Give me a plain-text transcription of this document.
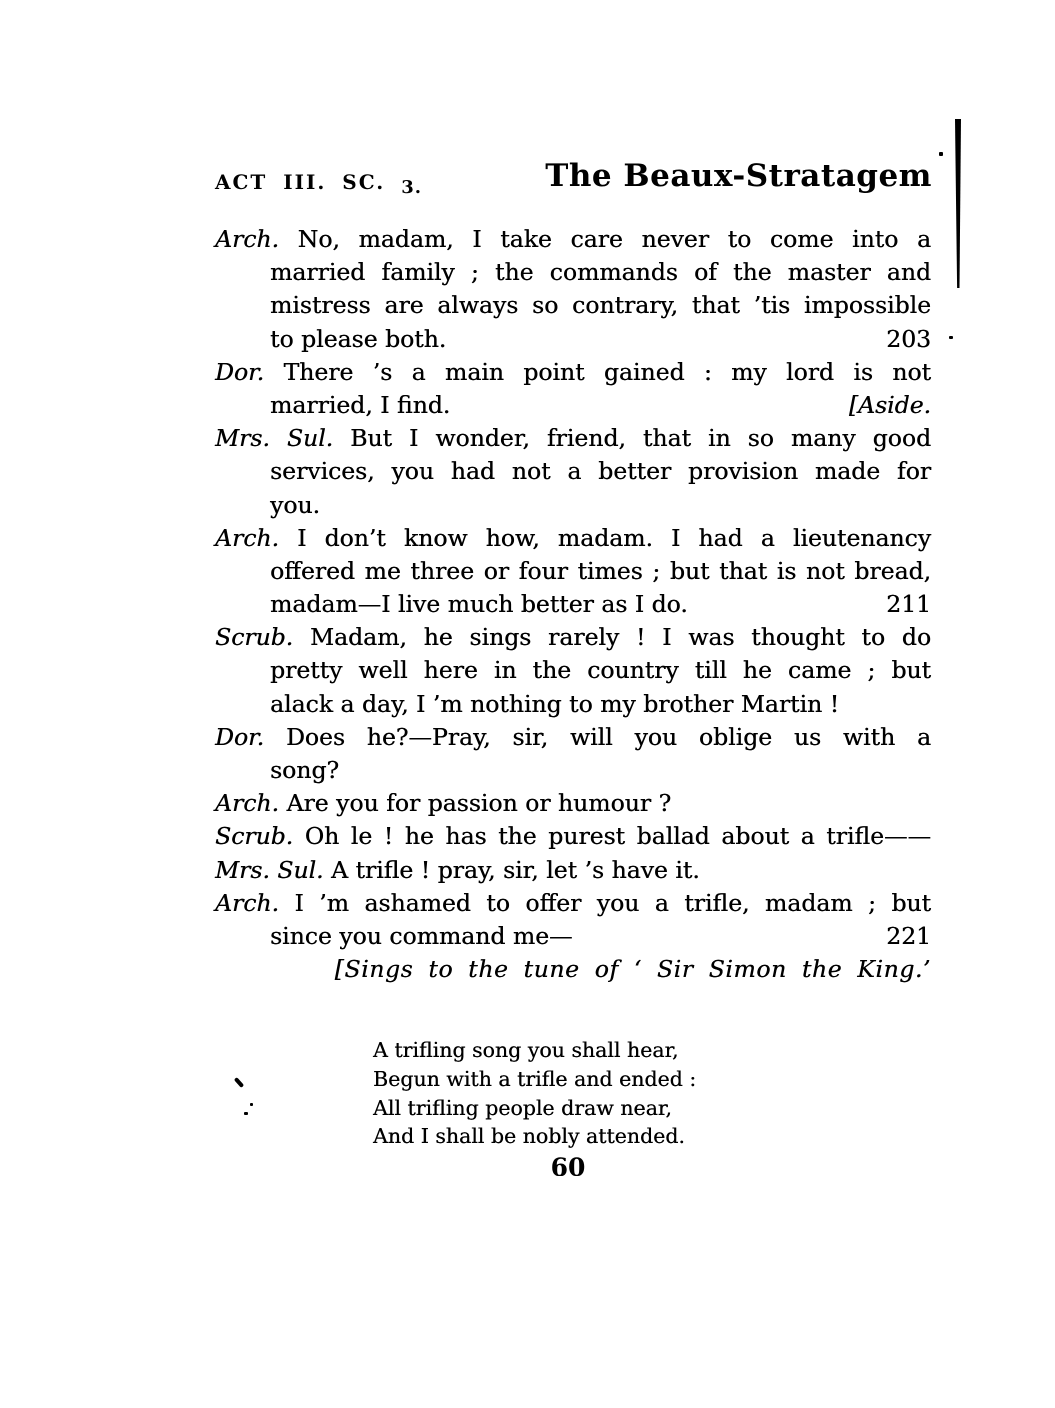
ACT III. SC. 3.	The Beaux-Stratagem
Arch. No, madam, I take care never to come into a
married family ; the commands of the master and
mistress are always so contrary, that ’tis impossible
to please both.	203
Dor. There ’s a main point gained : my lord is not
married, I find.	[Aside.
Mrs. Sul. But I wonder, friend, that in so many good
services, you had not a better provision made for
you.
Arch. I don’t know how, madam. I had a lieutenancy
offered me three or four times ; but that is not bread,
madam—I live much better as I do.	211
Scrub. Madam, he sings rarely ! I was thought to do
pretty well here in the country till he came ; but
alack a day, I ’m nothing to my brother Martin !
Dor. Does he?—Pray, sir, will you oblige us with a
song?
Arch. Are you for passion or humour ?
Scrub. Oh le ! he has the purest ballad about a trifle——
Mrs. Sul. A trifle ! pray, sir, let ’s have it.
Arch. I ’m ashamed to offer you a trifle, madam ; but
since you command me—	221
[Sings to the tune of ‘ Sir Simon the King.’
A trifling song you shall hear,
Begun with a trifle and ended :
All trifling people draw near,
And I shall be nobly attended.
60
